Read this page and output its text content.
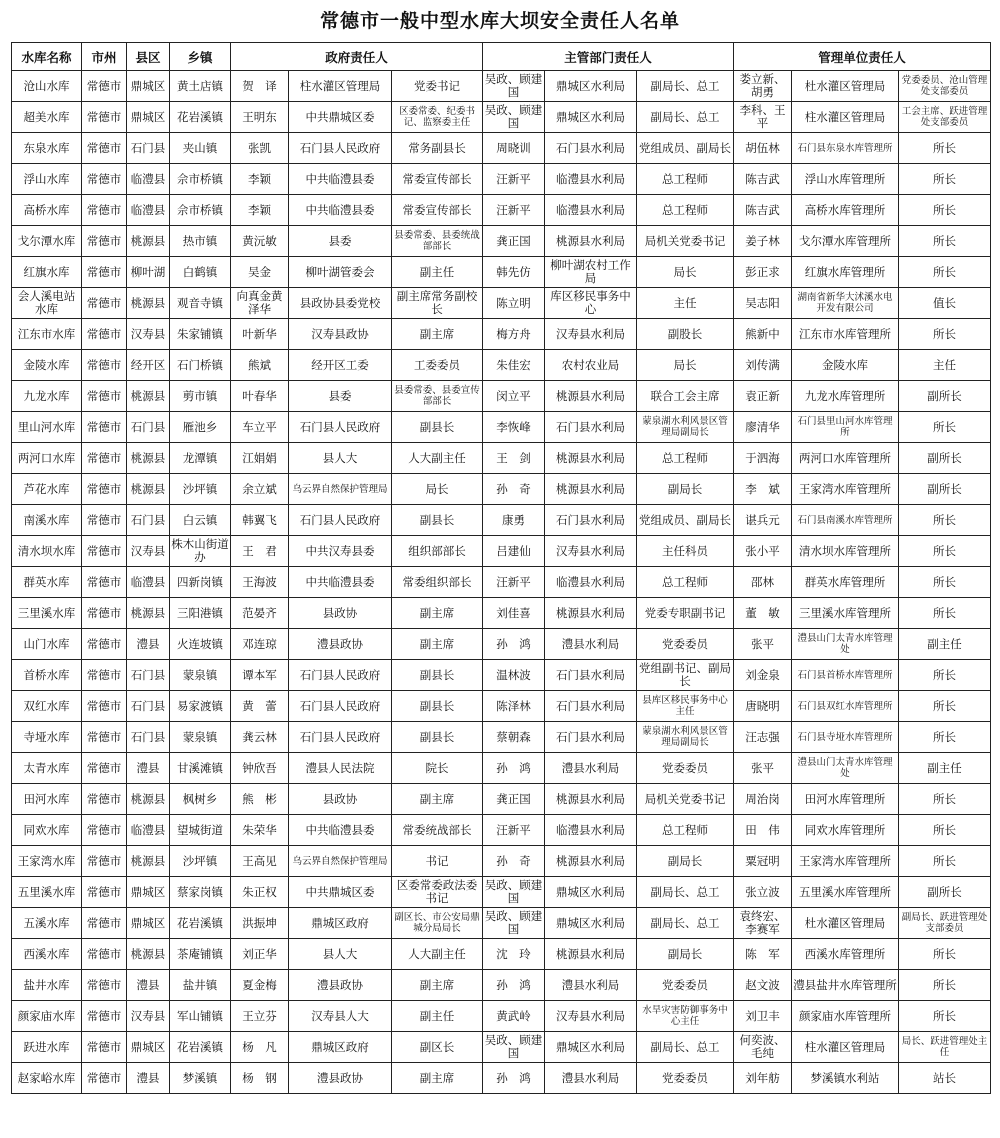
常德市一般中型水库大坝安全责任人名单
水库名称	市州	县区	乡镇	政府责任人			主管部门责任人			管理单位责任人		
沧山水库	常德市	鼎城区	黄土店镇	贺　译	柱水灌区管理局	党委书记	吴政、顾建国	鼎城区水利局	副局长、总工	娄立新、胡勇	杜水灌区管理局	党委委员、沧山管理处支部委员
超美水库	常德市	鼎城区	花岩溪镇	王明东	中共鼎城区委	区委常委、纪委书记、监察委主任	吴政、顾建国	鼎城区水利局	副局长、总工	李科、王平	柱水灌区管理局	工会主席、跃进管理处支部委员
东泉水库	常德市	石门县	夹山镇	张凯	石门县人民政府	常务副县长	周晓训	石门县水利局	党组成员、副局长	胡伍林	石门县东泉水库管理所	所长
浮山水库	常德市	临澧县	佘市桥镇	李颖	中共临澧县委	常委宣传部长	汪新平	临澧县水利局	总工程师	陈吉武	浮山水库管理所	所长
高桥水库	常德市	临澧县	佘市桥镇	李颖	中共临澧县委	常委宣传部长	汪新平	临澧县水利局	总工程师	陈吉武	高桥水库管理所	所长
戈尔潭水库	常德市	桃源县	热市镇	黄沅敏	县委	县委常委、县委统战部部长	龚正国	桃源县水利局	局机关党委书记	姜子林	戈尔潭水库管理所	所长
红旗水库	常德市	柳叶湖	白鹤镇	吴金	柳叶湖管委会	副主任	韩先仿	柳叶湖农村工作局	局长	彭正求	红旗水库管理所	所长
会人溪电站水库	常德市	桃源县	观音寺镇	向真金黄泽华	县政协县委党校	副主席常务副校长	陈立明	库区移民事务中心	主任	吴志阳	湖南省新华大沭溪水电开发有限公司	值长
江东市水库	常德市	汉寿县	朱家铺镇	叶新华	汉寿县政协	副主席	梅方舟	汉寿县水利局	副股长	熊新中	江东市水库管理所	所长
金陵水库	常德市	经开区	石门桥镇	熊斌	经开区工委	工委委员	朱佳宏	农村农业局	局长	刘传满	金陵水库	主任
九龙水库	常德市	桃源县	剪市镇	叶春华	县委	县委常委、县委宣传部部长	闵立平	桃源县水利局	联合工会主席	袁正新	九龙水库管理所	副所长
里山河水库	常德市	石门县	雁池乡	车立平	石门县人民政府	副县长	李恢峰	石门县水利局	蒙泉湖水利风景区管理局副局长	廖清华	石门县里山河水库管理所	所长
两河口水库	常德市	桃源县	龙潭镇	江娟娟	县人大	人大副主任	王　剑	桃源县水利局	总工程师	于泗海	两河口水库管理所	副所长
芦花水库	常德市	桃源县	沙坪镇	余立斌	乌云界自然保护管理局	局长	孙　奇	桃源县水利局	副局长	李　斌	王家湾水库管理所	副所长
南溪水库	常德市	石门县	白云镇	韩翼飞	石门县人民政府	副县长	康勇	石门县水利局	党组成员、副局长	谌兵元	石门县南溪水库管理所	所长
清水坝水库	常德市	汉寿县	株木山街道办	王　君	中共汉寿县委	组织部部长	吕建仙	汉寿县水利局	主任科员	张小平	清水坝水库管理所	所长
群英水库	常德市	临澧县	四新岗镇	王海波	中共临澧县委	常委组织部长	汪新平	临澧县水利局	总工程师	邵林	群英水库管理所	所长
三里溪水库	常德市	桃源县	三阳港镇	范晏齐	县政协	副主席	刘佳喜	桃源县水利局	党委专职副书记	董　敏	三里溪水库管理所	所长
山门水库	常德市	澧县	火连坡镇	邓连琼	澧县政协	副主席	孙　鸿	澧县水利局	党委委员	张平	澧县山门太青水库管理处	副主任
首桥水库	常德市	石门县	蒙泉镇	谭本军	石门县人民政府	副县长	温林波	石门县水利局	党组副书记、副局长	刘金泉	石门县首桥水库管理所	所长
双红水库	常德市	石门县	易家渡镇	黄　蕾	石门县人民政府	副县长	陈泽林	石门县水利局	县库区移民事务中心主任	唐晓明	石门县双红水库管理所	所长
寺垭水库	常德市	石门县	蒙泉镇	龚云林	石门县人民政府	副县长	蔡朝森	石门县水利局	蒙泉湖水利风景区管理局副局长	汪志强	石门县寺垭水库管理所	所长
太青水库	常德市	澧县	甘溪滩镇	钟欣吾	澧县人民法院	院长	孙　鸿	澧县水利局	党委委员	张平	澧县山门太青水库管理处	副主任
田河水库	常德市	桃源县	枫树乡	熊　彬	县政协	副主席	龚正国	桃源县水利局	局机关党委书记	周治岗	田河水库管理所	所长
同欢水库	常德市	临澧县	望城街道	朱荣华	中共临澧县委	常委统战部长	汪新平	临澧县水利局	总工程师	田　伟	同欢水库管理所	所长
王家湾水库	常德市	桃源县	沙坪镇	王高见	乌云界自然保护管理局	书记	孙　奇	桃源县水利局	副局长	粟冠明	王家湾水库管理所	所长
五里溪水库	常德市	鼎城区	蔡家岗镇	朱正权	中共鼎城区委	区委常委政法委书记	吴政、顾建国	鼎城区水利局	副局长、总工	张立波	五里溪水库管理所	副所长
五溪水库	常德市	鼎城区	花岩溪镇	洪振坤	鼎城区政府	副区长、市公安局鼎城分局局长	吴政、顾建国	鼎城区水利局	副局长、总工	袁终宏、李赛军	杜水灌区管理局	副局长、跃进管理处支部委员
西溪水库	常德市	桃源县	茶庵铺镇	刘正华	县人大	人大副主任	沈　玲	桃源县水利局	副局长	陈　军	西溪水库管理所	所长
盐井水库	常德市	澧县	盐井镇	夏金梅	澧县政协	副主席	孙　鸿	澧县水利局	党委委员	赵文波	澧县盐井水库管理所	所长
颜家庙水库	常德市	汉寿县	军山铺镇	王立芬	汉寿县人大	副主任	黄武岭	汉寿县水利局	水旱灾害防御事务中心主任	刘卫丰	颜家庙水库管理所	所长
跃进水库	常德市	鼎城区	花岩溪镇	杨　凡	鼎城区政府	副区长	吴政、顾建国	鼎城区水利局	副局长、总工	何奕波、毛纯	柱水灌区管理局	局长、跃进管理处主任
赵家峪水库	常德市	澧县	梦溪镇	杨　钢	澧县政协	副主席	孙　鸿	澧县水利局	党委委员	刘年舫	梦溪镇水利站	站长
